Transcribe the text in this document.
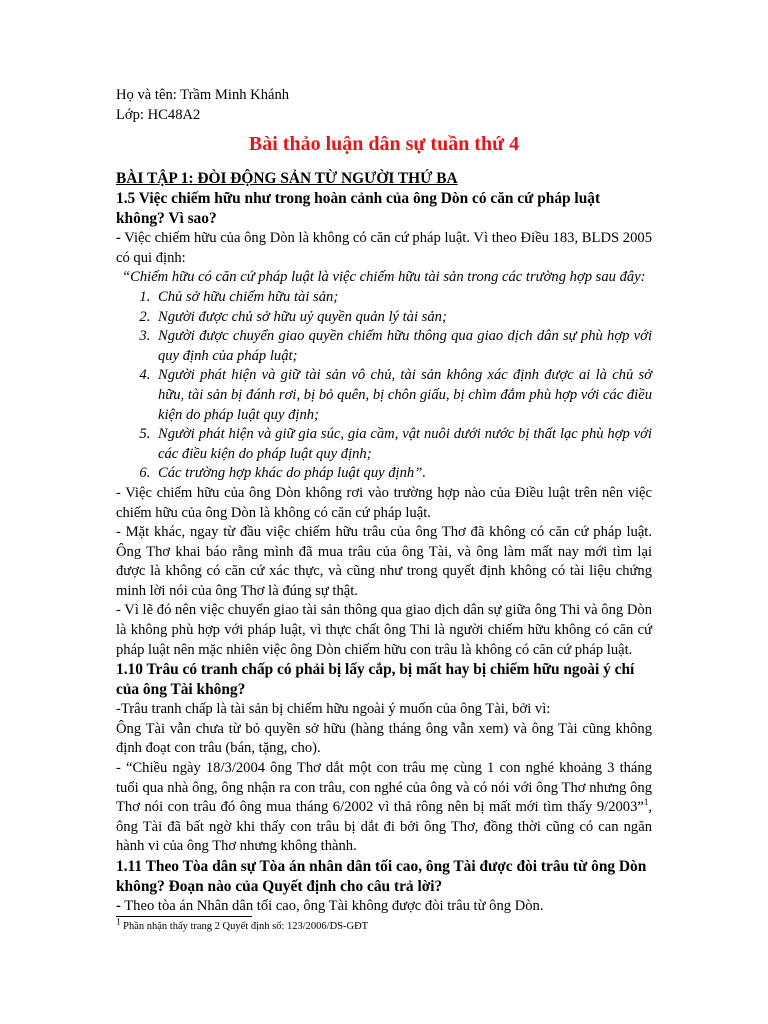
Họ và tên: Trầm Minh Khánh
Lớp: HC48A2
Bài thảo luận dân sự tuần thứ 4
BÀI TẬP 1: ĐÒI ĐỘNG SẢN TỪ NGƯỜI THỨ BA
1.5 Việc chiếm hữu như trong hoàn cảnh của ông Dòn có căn cứ pháp luật không? Vì sao?

- Việc chiếm hữu của ông Dòn là không có căn cứ pháp luật. Vì theo Điều 183, BLDS 2005 có qui định:

“Chiếm hữu có căn cứ pháp luật là việc chiếm hữu tài sản trong các trường hợp sau đây:

1. Chủ sở hữu chiếm hữu tài sản;
2. Người được chủ sở hữu uỷ quyền quản lý tài sản;
3. Người được chuyển giao quyền chiếm hữu thông qua giao dịch dân sự phù hợp với quy định của pháp luật;
4. Người phát hiện và giữ tài sản vô chủ, tài sản không xác định được ai là chủ sở hữu, tài sản bị đánh rơi, bị bỏ quên, bị chôn giấu, bị chìm đắm phù hợp với các điều kiện do pháp luật quy định;
5. Người phát hiện và giữ gia súc, gia cầm, vật nuôi dưới nước bị thất lạc phù hợp với các điều kiện do pháp luật quy định;
6. Các trường hợp khác do pháp luật quy định”.

- Việc chiếm hữu của ông Dòn không rơi vào trường hợp nào của Điều luật trên nên việc chiếm hữu của ông Dòn là không có căn cứ pháp luật.

- Mặt khác, ngay từ đầu việc chiếm hữu trâu của ông Thơ đã không có căn cứ pháp luật. Ông Thơ khai báo rằng mình đã mua trâu của ông Tài, và ông làm mất nay mới tìm lại được là không có căn cứ xác thực, và cũng như trong quyết định không có tài liệu chứng minh lời nói của ông Thơ là đúng sự thật.

- Vì lẽ đó nên việc chuyển giao tài sản thông qua giao dịch dân sự giữa ông Thi và ông Dòn là không phù hợp với pháp luật, vì thực chất ông Thi là người chiếm hữu không có căn cứ pháp luật nên mặc nhiên việc ông Dòn chiếm hữu con trâu là không có căn cứ pháp luật.

1.10 Trâu có tranh chấp có phải bị lấy cắp, bị mất hay bị chiếm hữu ngoài ý chí của ông Tài không?

-Trâu tranh chấp là tài sản bị chiếm hữu ngoài ý muốn của ông Tài, bởi vì:

Ông Tài vẫn chưa từ bỏ quyền sở hữu (hàng tháng ông vẫn xem) và ông Tài cũng không định đoạt con trâu (bán, tặng, cho).

- “Chiều ngày 18/3/2004 ông Thơ dắt một con trâu mẹ cùng 1 con nghé khoảng 3 tháng tuổi qua nhà ông, ông nhận ra con trâu, con nghé của ông và có nói với ông Thơ nhưng ông Thơ nói con trâu đó ông mua tháng 6/2002 vì thả rông nên bị mất mới tìm thấy 9/2003”$^1$, ông Tài đã bất ngờ khi thấy con trâu bị dắt đi bởi ông Thơ, đồng thời cũng có can ngăn hành vi của ông Thơ nhưng không thành.

1.11 Theo Tòa dân sự Tòa án nhân dân tối cao, ông Tài được đòi trâu từ ông Dòn không? Đoạn nào của Quyết định cho câu trả lời?

- Theo tòa án Nhân dân tối cao, ông Tài không được đòi trâu từ ông Dòn.

$^1$ Phần nhận thấy trang 2 Quyết định số: 123/2006/DS-GĐT
